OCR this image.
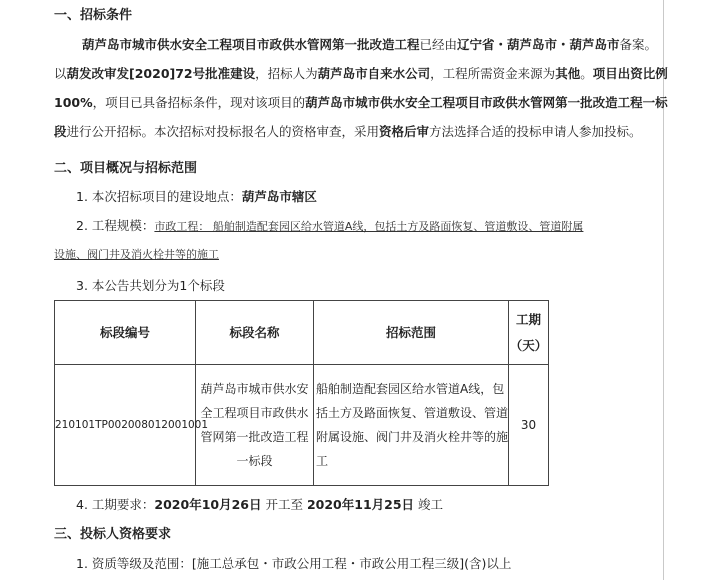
一、招标条件
葫芦岛市城市供水安全工程项目市政供水管网第一批改造工程已经由辽宁省・葫芦岛市・葫芦岛市备案。
以葫发改审发[2020]72号批准建设，招标人为葫芦岛市自来水公司，工程所需资金来源为其他。项目出资比例
100%，项目已具备招标条件，现对该项目的葫芦岛市城市供水安全工程项目市政供水管网第一批改造工程一标
段进行公开招标。本次招标对投标报名人的资格审查，采用资格后审方法选择合适的投标申请人参加投标。
二、项目概况与招标范围
1. 本次招标项目的建设地点：葫芦岛市辖区
2. 工程规模：市政工程： 船舶制造配套园区给水管道A线，包括土方及路面恢复、管道敷设、管道附属
设施、阀门井及消火栓井等的施工
3. 本公告共划分为1个标段
标段编号	标段名称	招标范围	工期（天）
210101TP002008012001001	葫芦岛市城市供水安全工程项目市政供水管网第一批改造工程一标段	船舶制造配套园区给水管道A线，包括土方及路面恢复、管道敷设、管道附属设施、阀门井及消火栓井等的施工	30
4. 工期要求：2020年10月26日 开工至 2020年11月25日 竣工
三、投标人资格要求
1. 资质等级及范围：[施工总承包・市政公用工程・市政公用工程三级](含)以上
